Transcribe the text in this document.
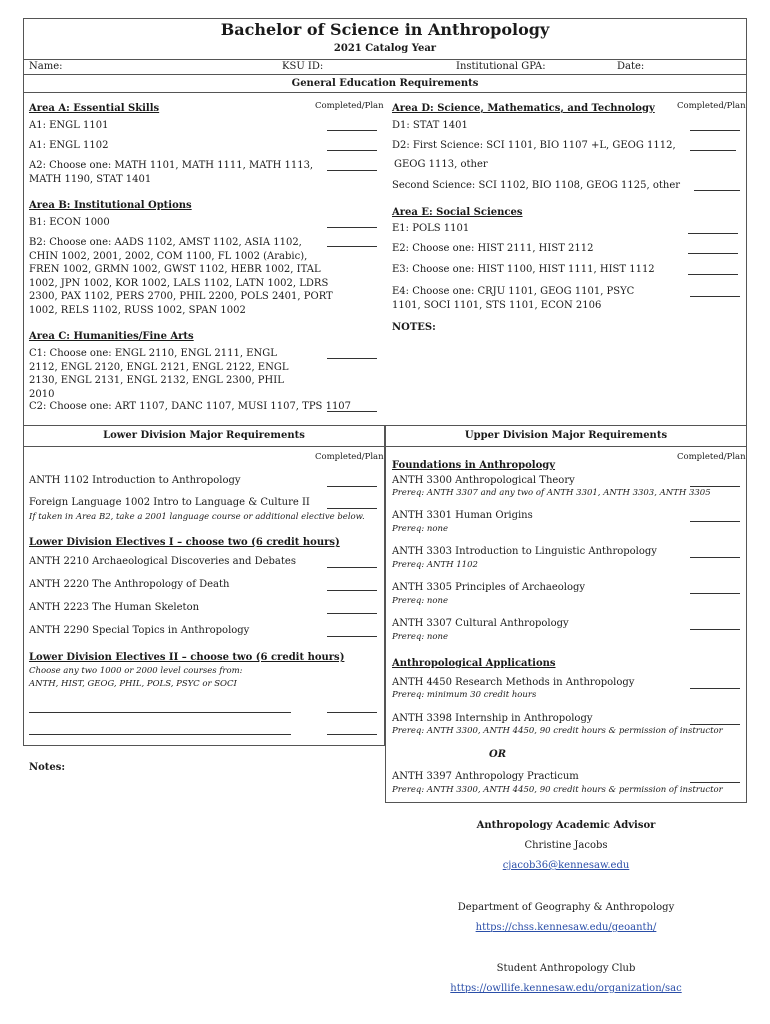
Bachelor of Science in Anthropology
2021 Catalog Year
Name:	KSU ID:	Institutional GPA:	Date:
General Education Requirements
Completed/Plan
Area A: Essential Skills
A1: ENGL 1101
A1: ENGL 1102
A2: Choose one: MATH 1101, MATH 1111, MATH 1113, MATH 1190, STAT 1401
Area B: Institutional Options
B1: ECON 1000
B2: Choose one: AADS 1102, AMST 1102, ASIA 1102, CHIN 1002, 2001, 2002, COM 1100, FL 1002 (Arabic), FREN 1002, GRMN 1002, GWST 1102, HEBR 1002, ITAL 1002, JPN 1002, KOR 1002, LALS 1102, LATN 1002, LDRS 2300, PAX 1102, PERS 2700, PHIL 2200, POLS 2401, PORT 1002, RELS 1102, RUSS 1002, SPAN 1002
Area C: Humanities/Fine Arts
C1: Choose one: ENGL 2110, ENGL 2111, ENGL 2112, ENGL 2120, ENGL 2121, ENGL 2122, ENGL 2130, ENGL 2131, ENGL 2132, ENGL 2300, PHIL 2010
C2: Choose one: ART 1107, DANC 1107, MUSI 1107, TPS 1107
Completed/Plan
Area D: Science, Mathematics, and Technology
D1: STAT 1401
D2: First Science: SCI 1101, BIO 1107 +L, GEOG 1112,
GEOG 1113, other
Second Science: SCI 1102, BIO 1108, GEOG 1125, other
Area E: Social Sciences
E1: POLS 1101
E2: Choose one: HIST 2111, HIST 2112
E3: Choose one: HIST 1100, HIST 1111, HIST 1112
E4: Choose one: CRJU 1101, GEOG 1101, PSYC 1101, SOCI 1101, STS 1101, ECON 2106
NOTES:
Lower Division Major Requirements
Completed/Plan
ANTH 1102 Introduction to Anthropology
Foreign Language 1002 Intro to Language & Culture II
If taken in Area B2, take a 2001 language course or additional elective below.
Lower Division Electives I – choose two (6 credit hours)
ANTH 2210 Archaeological Discoveries and Debates
ANTH 2220 The Anthropology of Death
ANTH 2223 The Human Skeleton
ANTH 2290 Special Topics in Anthropology
Lower Division Electives II – choose two (6 credit hours)
Choose any two 1000 or 2000 level courses from:
ANTH, HIST, GEOG, PHIL, POLS, PSYC or SOCI
Notes:
Upper Division Major Requirements
Completed/Plan
Foundations in Anthropology
ANTH 3300 Anthropological Theory
Prereq: ANTH 3307 and any two of ANTH 3301, ANTH 3303, ANTH 3305
ANTH 3301 Human Origins
Prereq: none
ANTH 3303 Introduction to Linguistic Anthropology
Prereq: ANTH 1102
ANTH 3305 Principles of Archaeology
Prereq: none
ANTH 3307 Cultural Anthropology
Prereq: none
Anthropological Applications
ANTH 4450 Research Methods in Anthropology
Prereq: minimum 30 credit hours
ANTH 3398 Internship in Anthropology
Prereq: ANTH 3300, ANTH 4450, 90 credit hours & permission of instructor
OR
ANTH 3397 Anthropology Practicum
Prereq: ANTH 3300, ANTH 4450, 90 credit hours & permission of instructor
Anthropology Academic Advisor
Christine Jacobs
cjacob36@kennesaw.edu
Department of Geography & Anthropology
https://chss.kennesaw.edu/geoanth/
Student Anthropology Club
https://owllife.kennesaw.edu/organization/sac
